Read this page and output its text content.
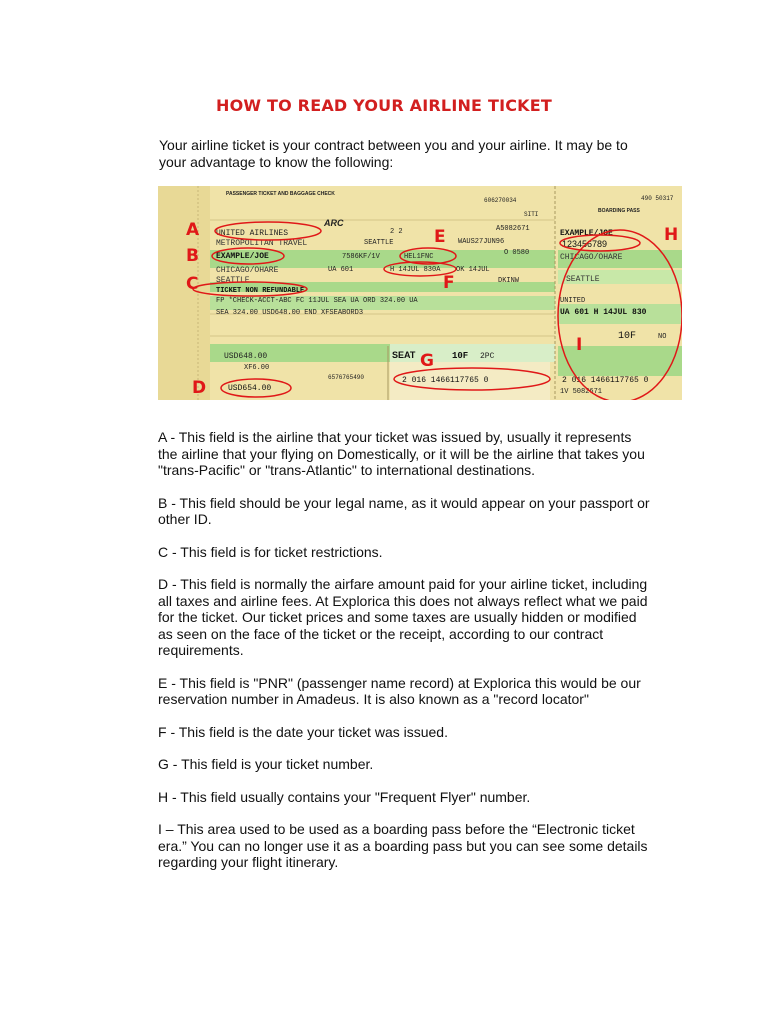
HOW TO READ YOUR AIRLINE TICKET
Your airline ticket is your contract between you and your airline. It may be to your advantage to know the following:
PASSENGER TICKET AND BAGGAGE CHECK
606270034
SITI
490 50317
BOARDING PASS
ARC
2 2
UNITED AIRLINES
METROPOLITAN TRAVEL
EXAMPLE/JOE
CHICAGO/OHARE
SEATTLE
TICKET NON REFUNDABLE
FP *CHECK-ACCT-ABC FC 11JUL SEA UA ORD 324.00 UA
SEA 324.00 USD648.00 END XFSEABORD3
A5082671
WAUS27JUN96
SEATTLE
7586KF/1V	HEL1FNC	O 0580
UA 601	H 14JUL 830A OK 14JUL
DKINW
USD648.00
XF6.00
USD654.00
6576765490
SEAT	10F 2PC
2 016 1466117765 0
EXAMPLE/JOE
123456789
CHICAGO/OHARE
SEATTLE
UNITED
UA 601 H 14JUL 830
10F	NO
2 016 1466117765 0
1V 5082671
A
B
C
D
E
F
G
H
I

A - This field is the airline that your ticket was issued by, usually it represents the airline that your flying on Domestically, or it will be the airline that takes you "trans-Pacific" or "trans-Atlantic" to international destinations.

B - This field should be your legal name, as it would appear on your passport or other ID.

C - This field is for ticket restrictions.

D - This field is normally the airfare amount paid for your airline ticket, including all taxes and airline fees. At Explorica this does not always reflect what we paid for the ticket. Our ticket prices and some taxes are usually hidden or modified as seen on the face of the ticket or the receipt, according to our contract requirements.

E - This field is "PNR" (passenger name record) at Explorica this would be our reservation number in Amadeus. It is also known as a "record locator"

F - This field is the date your ticket was issued.

G - This field is your ticket number.

H - This field usually contains your "Frequent Flyer" number.

I – This area used to be used as a boarding pass before the “Electronic ticket era.” You can no longer use it as a boarding pass but you can see some details regarding your flight itinerary.
